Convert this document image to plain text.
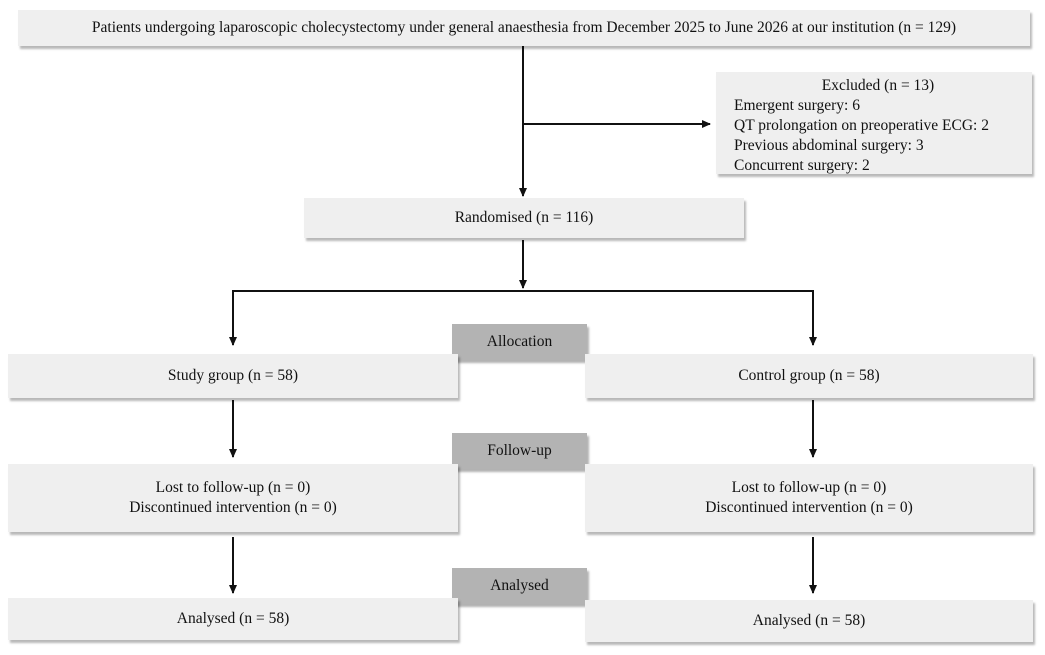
Patients undergoing laparoscopic cholecystectomy under general anaesthesia from December 2025 to June 2026 at our institution (n = 129)
Excluded (n = 13)
Emergent surgery: 6
QT prolongation on preoperative ECG: 2
Previous abdominal surgery: 3
Concurrent surgery: 2
Randomised (n = 116)
Allocation
Study group (n = 58)	Control group (n = 58)
Follow-up
Lost to follow-up (n = 0)
Discontinued intervention (n = 0)
Lost to follow-up (n = 0)
Discontinued intervention (n = 0)
Analysed
Analysed (n = 58)	Analysed (n = 58)
